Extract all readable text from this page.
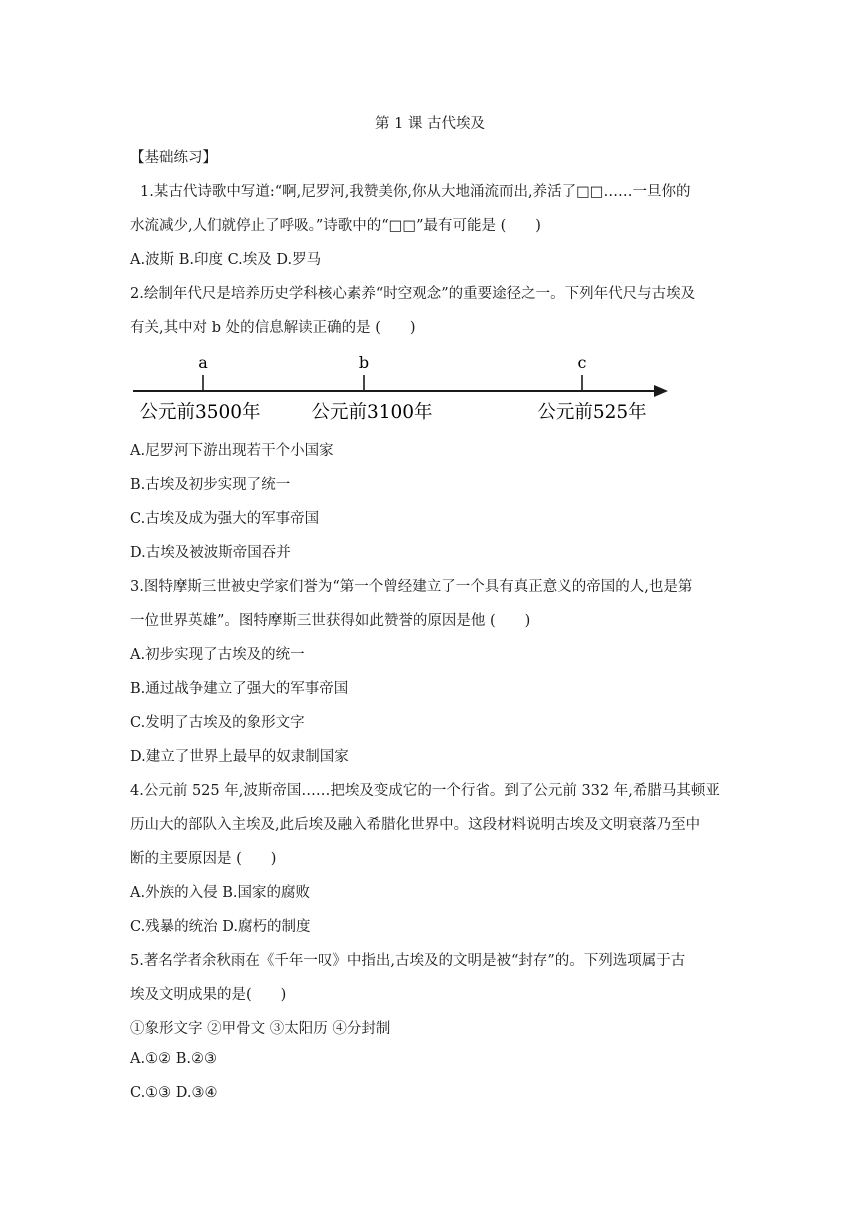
第 1 课 古代埃及
【基础练习】
1.某古代诗歌中写道:“啊,尼罗河,我赞美你,你从大地涌流而出,养活了□□……一旦你的
水流减少,人们就停止了呼吸。”诗歌中的“□□”最有可能是 (　　)
A.波斯 B.印度 C.埃及 D.罗马
2.绘制年代尺是培养历史学科核心素养“时空观念”的重要途径之一。下列年代尺与古埃及
有关,其中对 b 处的信息解读正确的是 (　　)
a	b	c
公元前3500年	公元前3100年	公元前525年
A.尼罗河下游出现若干个小国家
B.古埃及初步实现了统一
C.古埃及成为强大的军事帝国
D.古埃及被波斯帝国吞并
3.图特摩斯三世被史学家们誉为“第一个曾经建立了一个具有真正意义的帝国的人,也是第
一位世界英雄”。图特摩斯三世获得如此赞誉的原因是他 (　　)
A.初步实现了古埃及的统一
B.通过战争建立了强大的军事帝国
C.发明了古埃及的象形文字
D.建立了世界上最早的奴隶制国家
4.公元前 525 年,波斯帝国……把埃及变成它的一个行省。到了公元前 332 年,希腊马其顿亚
历山大的部队入主埃及,此后埃及融入希腊化世界中。这段材料说明古埃及文明衰落乃至中
断的主要原因是 (　　)
A.外族的入侵 B.国家的腐败
C.残暴的统治 D.腐朽的制度
5.著名学者余秋雨在《千年一叹》中指出,古埃及的文明是被“封存”的。下列选项属于古
埃及文明成果的是(　　)
①象形文字 ②甲骨文 ③太阳历 ④分封制
A.①② B.②③
C.①③ D.③④
